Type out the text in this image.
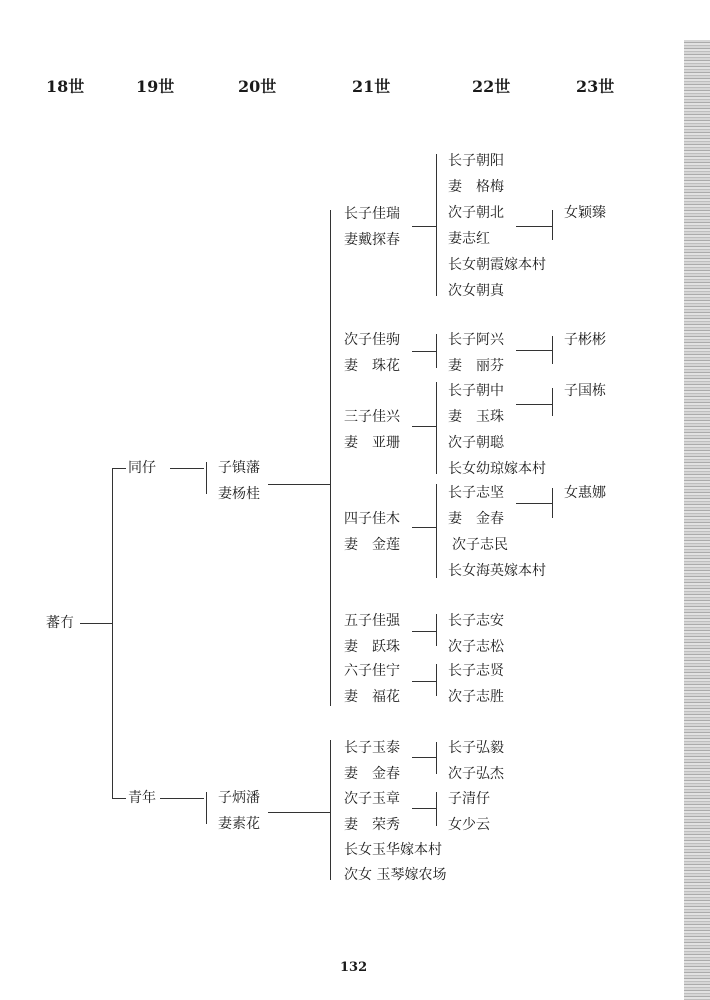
18世	19世	20世	21世	22世	23世
蕃冇
同仔
青年
子镇藩
妻杨桂
子炳潘
妻素花
长子佳瑞
妻戴探春
次子佳驹
妻　珠花
三子佳兴
妻　亚珊
四子佳木
妻　金莲
五子佳强
妻　跃珠
六子佳宁
妻　福花
长子玉泰
妻　金春
次子玉章
妻　荣秀
长女玉华嫁本村
次女 玉琴嫁农场
长子朝阳
妻　格梅
次子朝北
妻志红
长女朝霞嫁本村
次女朝真
长子阿兴
妻　丽芬
长子朝中
妻　玉珠
次子朝聪
长女幼琼嫁本村
长子志坚
妻　金春
次子志民
长女海英嫁本村
长子志安
次子志松
长子志贤
次子志胜
长子弘毅
次子弘杰
子清仔
女少云
女颖臻
子彬彬
子国栋
女惠娜
132
